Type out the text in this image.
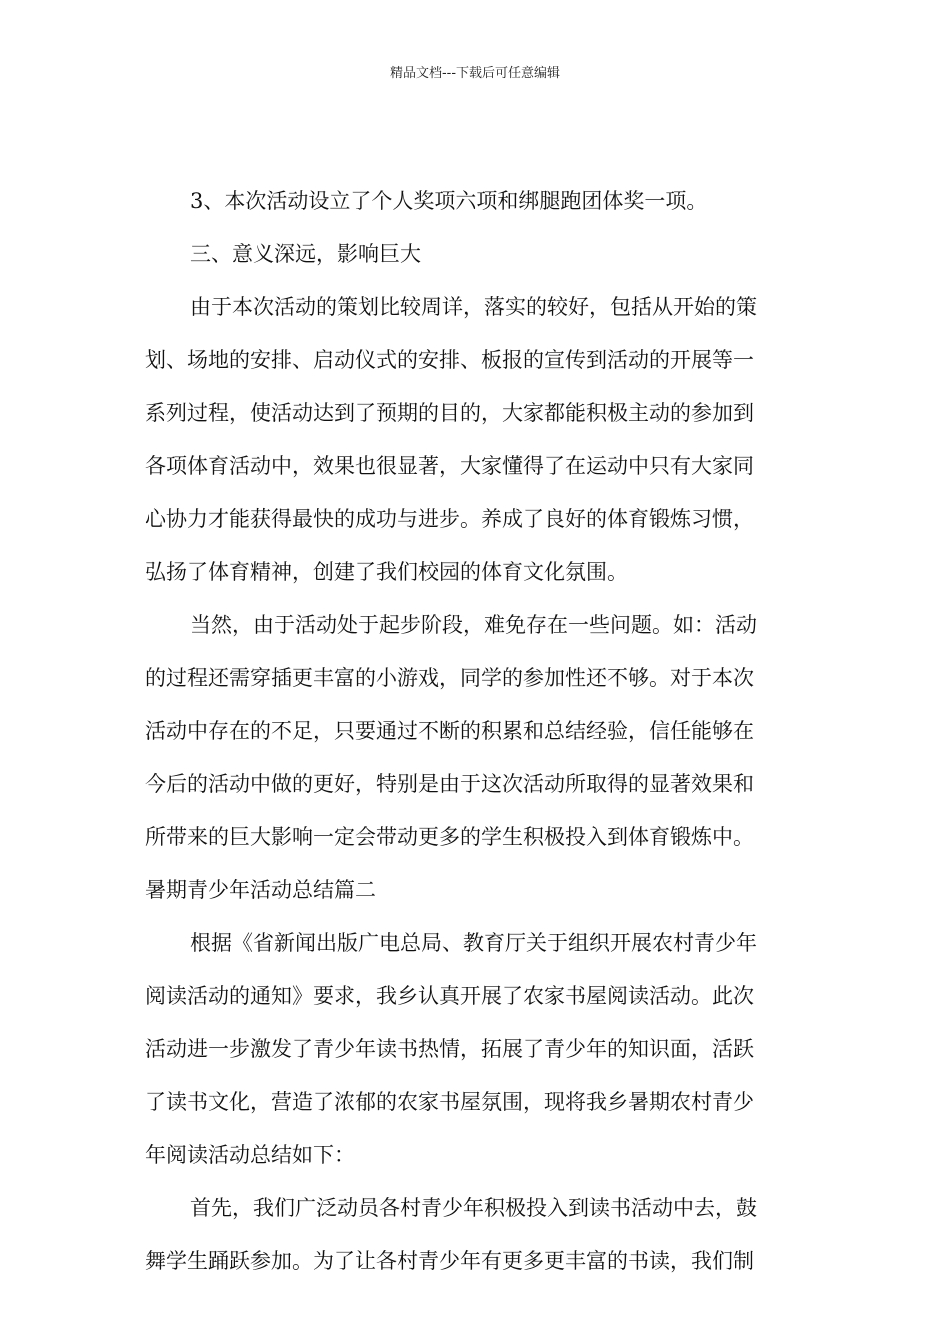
精品文档---下载后可任意编辑
3、本次活动设立了个人奖项六项和绑腿跑团体奖一项。
三、意义深远，影响巨大
由于本次活动的策划比较周详，落实的较好，包括从开始的策
划、场地的安排、启动仪式的安排、板报的宣传到活动的开展等一
系列过程，使活动达到了预期的目的，大家都能积极主动的参加到
各项体育活动中，效果也很显著，大家懂得了在运动中只有大家同
心协力才能获得最快的成功与进步。养成了良好的体育锻炼习惯，
弘扬了体育精神，创建了我们校园的体育文化氛围。
当然，由于活动处于起步阶段，难免存在一些问题。如：活动
的过程还需穿插更丰富的小游戏，同学的参加性还不够。对于本次
活动中存在的不足，只要通过不断的积累和总结经验，信任能够在
今后的活动中做的更好，特别是由于这次活动所取得的显著效果和
所带来的巨大影响一定会带动更多的学生积极投入到体育锻炼中。
暑期青少年活动总结篇二
根据《省新闻出版广电总局、教育厅关于组织开展农村青少年
阅读活动的通知》要求，我乡认真开展了农家书屋阅读活动。此次
活动进一步激发了青少年读书热情，拓展了青少年的知识面，活跃
了读书文化，营造了浓郁的农家书屋氛围，现将我乡暑期农村青少
年阅读活动总结如下：
首先，我们广泛动员各村青少年积极投入到读书活动中去，鼓
舞学生踊跃参加。为了让各村青少年有更多更丰富的书读，我们制
